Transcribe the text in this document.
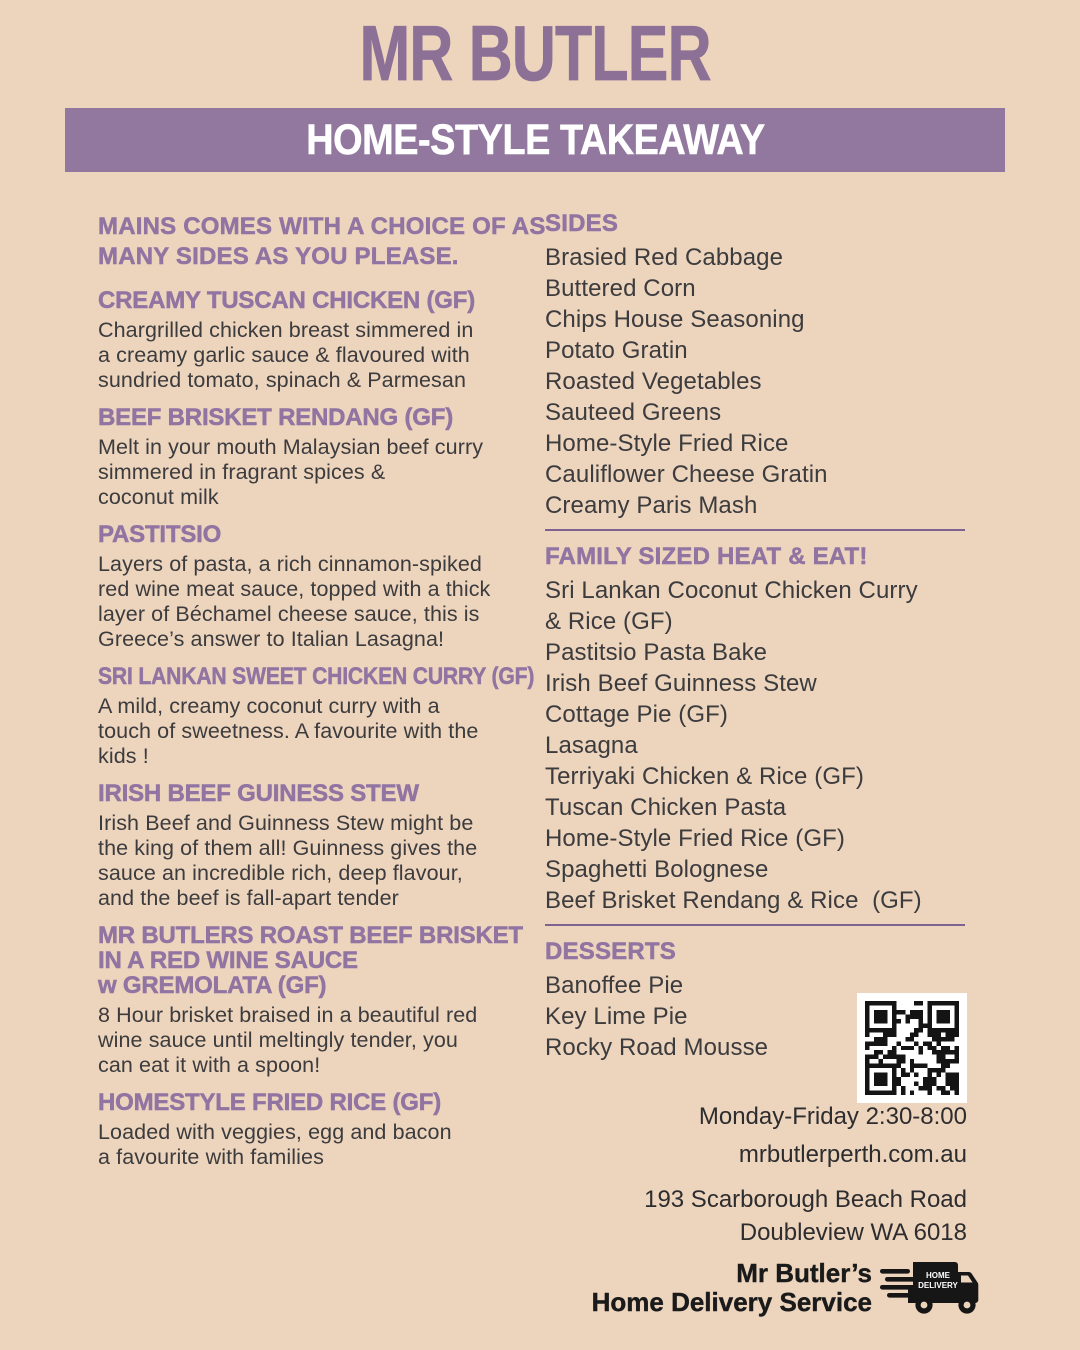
MR BUTLER
HOME-STYLE TAKEAWAY
MAINS COMES WITH A CHOICE OF AS
MANY SIDES AS YOU PLEASE.
CREAMY TUSCAN CHICKEN (GF)

Chargrilled chicken breast simmered in
a creamy garlic sauce & flavoured with
sundried tomato, spinach & Parmesan

BEEF BRISKET RENDANG (GF)

Melt in your mouth Malaysian beef curry
simmered in fragrant spices &
coconut milk

PASTITSIO

Layers of pasta, a rich cinnamon-spiked
red wine meat sauce, topped with a thick
layer of Béchamel cheese sauce, this is
Greece’s answer to Italian Lasagna!

SRI LANKAN SWEET CHICKEN CURRY (GF)

A mild, creamy coconut curry with a
touch of sweetness. A favourite with the
kids !

IRISH BEEF GUINESS STEW

Irish Beef and Guinness Stew might be
the king of them all! Guinness gives the
sauce an incredible rich, deep flavour,
and the beef is fall-apart tender

MR BUTLERS ROAST BEEF BRISKET
IN A RED WINE SAUCE
w GREMOLATA (GF)

8 Hour brisket braised in a beautiful red
wine sauce until meltingly tender, you
can eat it with a spoon!

HOMESTYLE FRIED RICE (GF)

Loaded with veggies, egg and bacon
a favourite with families

SIDES
Brasied Red Cabbage
Buttered Corn
Chips House Seasoning
Potato Gratin
Roasted Vegetables
Sauteed Greens
Home-Style Fried Rice
Cauliflower Cheese Gratin
Creamy Paris Mash
FAMILY SIZED HEAT & EAT!
Sri Lankan Coconut Chicken Curry
& Rice (GF)
Pastitsio Pasta Bake
Irish Beef Guinness Stew
Cottage Pie (GF)
Lasagna
Terriyaki Chicken & Rice (GF)
Tuscan Chicken Pasta
Home-Style Fried Rice (GF)
Spaghetti Bolognese
Beef Brisket Rendang & Rice  (GF)
DESSERTS
Banoffee Pie
Key Lime Pie
Rocky Road Mousse
Monday-Friday 2:30-8:00
mrbutlerperth.com.au
193 Scarborough Beach Road
Doubleview WA 6018
Mr Butler’s
Home Delivery Service
HOME
DELIVERY
